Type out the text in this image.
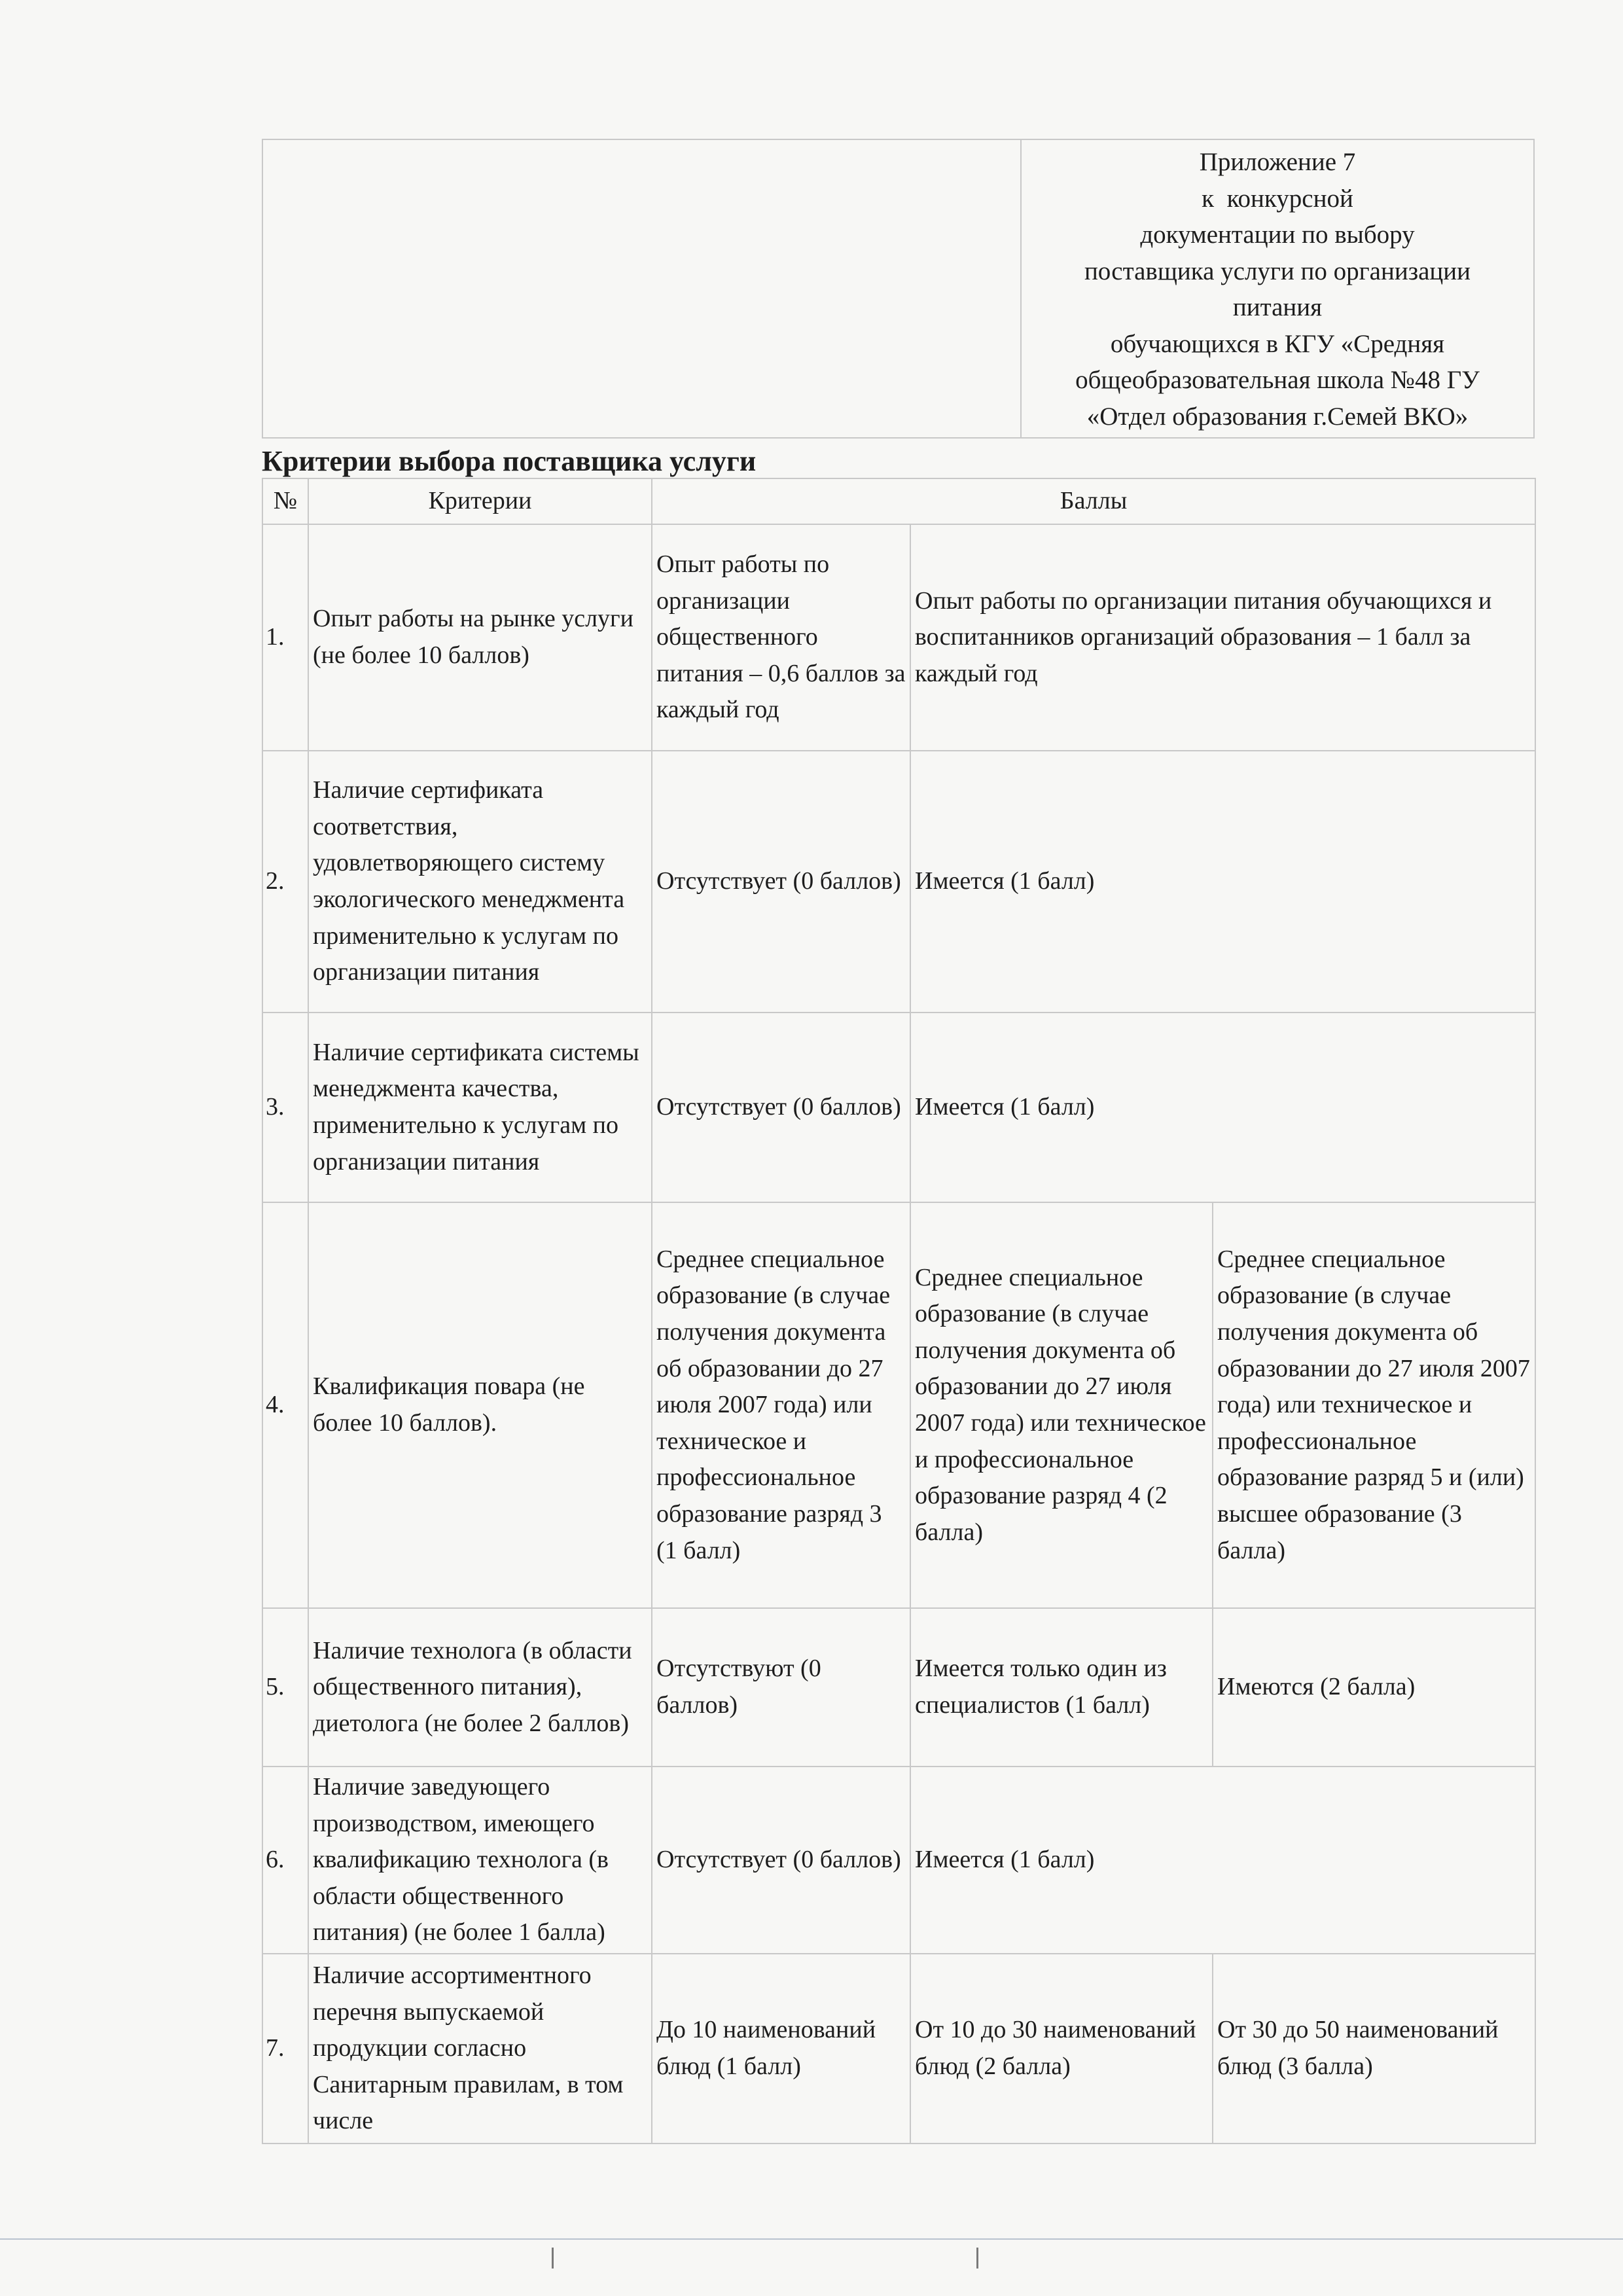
Приложение 7
к  конкурсной
документации по выбору
поставщика услуги по организации
питания
обучающихся в КГУ «Средняя
общеобразовательная школа №48 ГУ
«Отдел образования г.Семей ВКО»
Критерии выбора поставщика услуги
№	Критерии	Баллы		
1.	Опыт работы на рынке услуги (не более 10 баллов)	Опыт работы по организации общественного питания – 0,6 баллов за каждый год	Опыт работы по организации питания обучающихся и воспитанников организаций образования – 1 балл за каждый год	
2.	Наличие сертификата соответствия, удовлетворяющего систему экологического менеджмента применительно к услугам по организации питания	Отсутствует (0 баллов)	Имеется (1 балл)	
3.	Наличие сертификата системы менеджмента качества, применительно к услугам по организации питания	Отсутствует (0 баллов)	Имеется (1 балл)	
4.	Квалификация повара (не более 10 баллов).	Среднее специальное образование (в случае получения документа об образовании до 27 июля 2007 года) или техническое и профессиональное образование разряд 3 (1 балл)	Среднее специальное образование (в случае получения документа об образовании до 27 июля 2007 года) или техническое и профессиональное образование разряд 4 (2 балла)	Среднее специальное образование (в случае получения документа об образовании до 27 июля 2007 года) или техническое и профессиональное образование разряд 5 и (или) высшее образование (3 балла)
5.	Наличие технолога (в области общественного питания), диетолога (не более 2 баллов)	Отсутствуют (0 баллов)	Имеется только один из специалистов (1 балл)	Имеются (2 балла)
6.	Наличие заведующего производством, имеющего квалификацию технолога (в области общественного питания) (не более 1 балла)	Отсутствует (0 баллов)	Имеется (1 балл)	
7.	Наличие ассортиментного перечня выпускаемой продукции согласно Санитарным правилам, в том числе	До 10 наименований блюд (1 балл)	От 10 до 30 наименований блюд (2 балла)	От 30 до 50 наименований блюд (3 балла)
